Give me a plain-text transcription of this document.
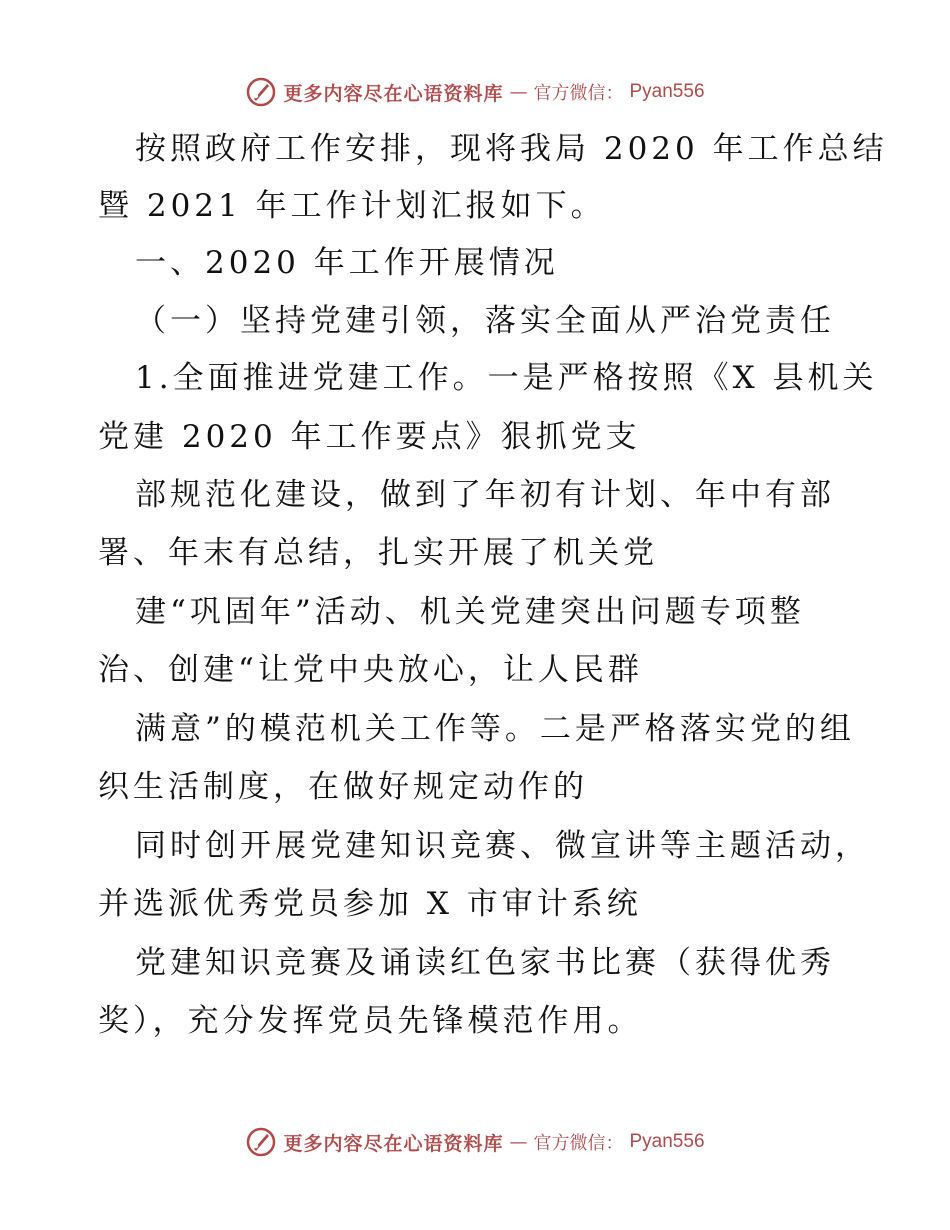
更多内容尽在心语资料库 — 官方微信： Pyan556
按照政府工作安排，现将我局 2020 年工作总结
暨 2021 年工作计划汇报如下。
一、2020 年工作开展情况
（一）坚持党建引领，落实全面从严治党责任
1.全面推进党建工作。一是严格按照《X 县机关
党建 2020 年工作要点》狠抓党支
部规范化建设，做到了年初有计划、年中有部
署、年末有总结，扎实开展了机关党
建“巩固年”活动、机关党建突出问题专项整
治、创建“让党中央放心，让人民群
满意”的模范机关工作等。二是严格落实党的组
织生活制度，在做好规定动作的
同时创开展党建知识竞赛、微宣讲等主题活动，
并选派优秀党员参加 X 市审计系统
党建知识竞赛及诵读红色家书比赛（获得优秀
奖），充分发挥党员先锋模范作用。
更多内容尽在心语资料库 — 官方微信： Pyan556
